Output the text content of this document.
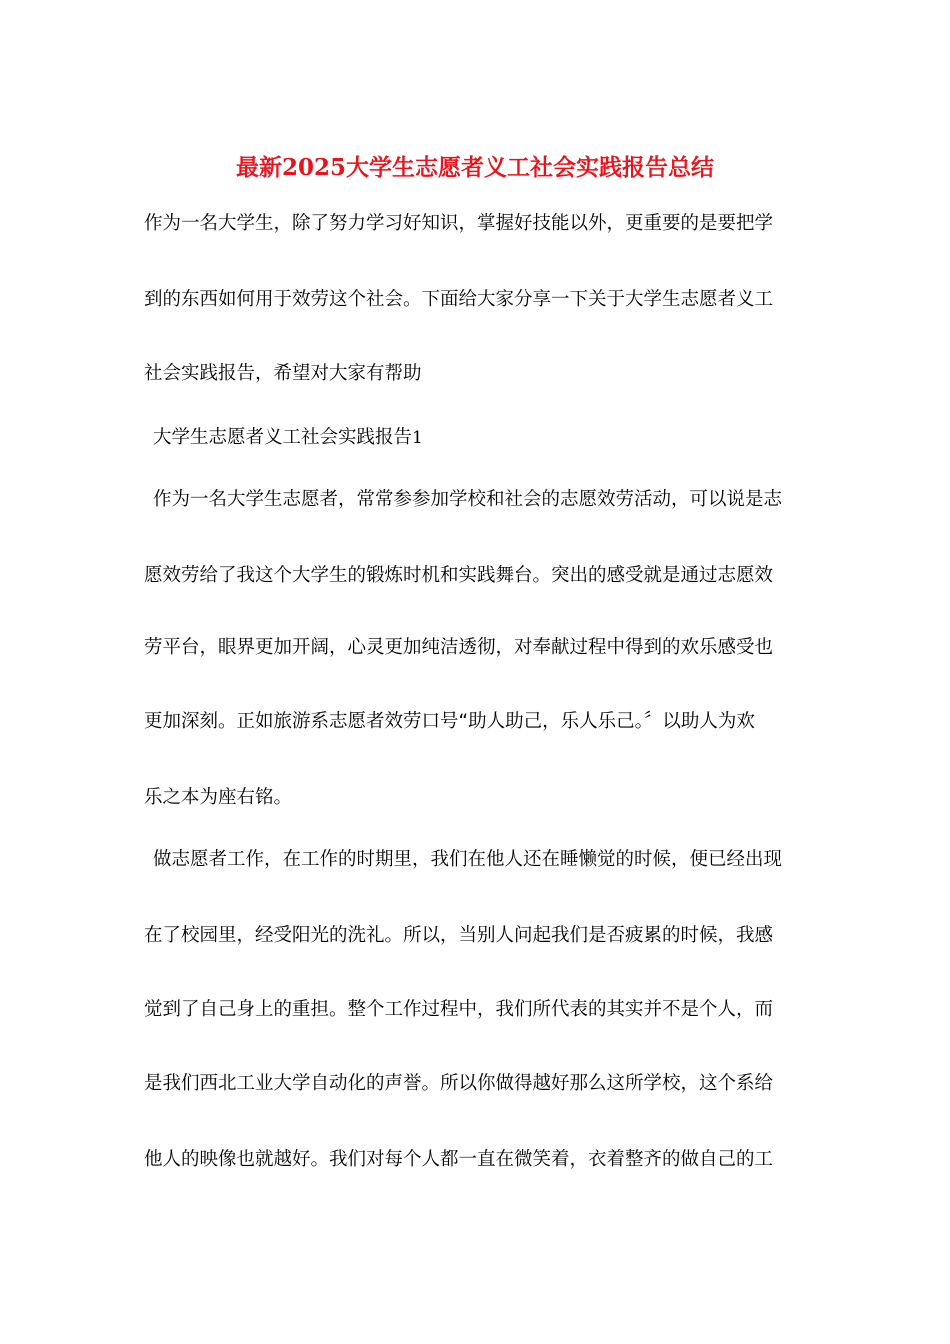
最新2025大学生志愿者义工社会实践报告总结

作为一名大学生，除了努力学习好知识，掌握好技能以外，更重要的是要把学

到的东西如何用于效劳这个社会。下面给大家分享一下关于大学生志愿者义工

社会实践报告，希望对大家有帮助

大学生志愿者义工社会实践报告1

作为一名大学生志愿者，常常参参加学校和社会的志愿效劳活动，可以说是志

愿效劳给了我这个大学生的锻炼时机和实践舞台。突出的感受就是通过志愿效

劳平台，眼界更加开阔，心灵更加纯洁透彻，对奉献过程中得到的欢乐感受也

更加深刻。正如旅游系志愿者效劳口号“助人助己，乐人乐己。〞以助人为欢

乐之本为座右铭。

做志愿者工作，在工作的时期里，我们在他人还在睡懒觉的时候，便已经出现

在了校园里，经受阳光的洗礼。所以，当别人问起我们是否疲累的时候，我感

觉到了自己身上的重担。整个工作过程中，我们所代表的其实并不是个人，而

是我们西北工业大学自动化的声誉。所以你做得越好那么这所学校，这个系给

他人的映像也就越好。我们对每个人都一直在微笑着，衣着整齐的做自己的工
